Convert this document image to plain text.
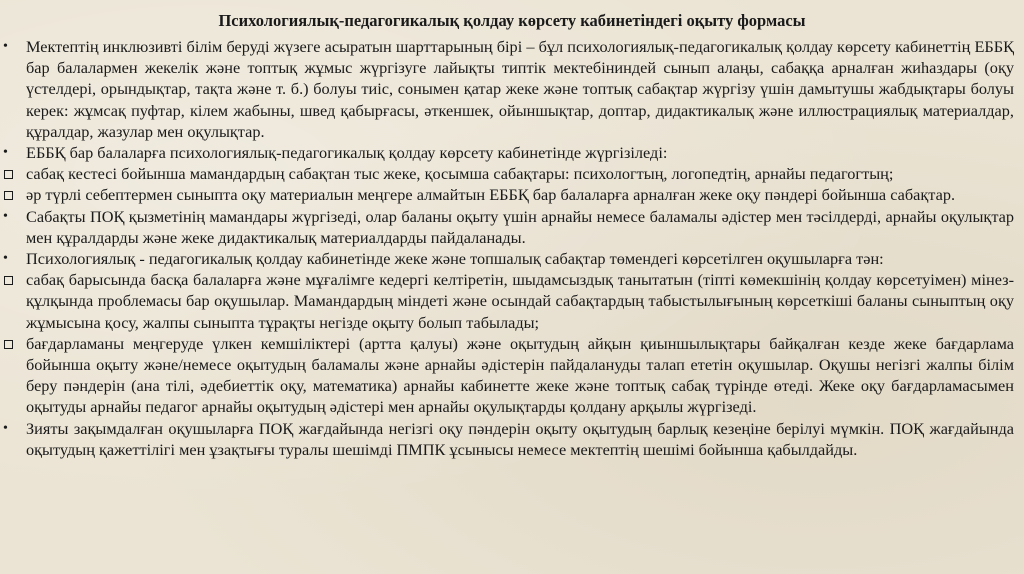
Психологиялық-педагогикалық қолдау көрсету кабинетіндегі оқыту формасы
•	Мектептің инклюзивті білім беруді жүзеге асыратын шарттарының бірі – бұл психологиялық-педагогикалық қолдау көрсету кабинеттің ЕББҚ бар балалармен жекелік және топтық жұмыс жүргізуге лайықты типтік мектебіниндей сынып алаңы, сабаққа арналған жиһаздары (оқу үстелдері, орындықтар, тақта және т. б.) болуы тиіс, сонымен қатар жеке және топтық сабақтар жүргізу үшін дамытушы жабдықтары болуы керек: жұмсақ пуфтар, кілем жабыны, швед қабырғасы, әткеншек, ойыншықтар, доптар, дидактикалық және иллюстрациялық материалдар, құралдар, жазулар мен оқулықтар.
•	ЕББҚ бар балаларға психологиялық-педагогикалық қолдау көрсету кабинетінде жүргізіледі:
сабақ кестесі бойынша мамандардың сабақтан тыс жеке, қосымша сабақтары: психологтың, логопедтің, арнайы педагогтың;
әр түрлі себептермен сыныпта оқу материалын меңгере алмайтын ЕББҚ бар балаларға арналған жеке оқу пәндері бойынша сабақтар.
•	Сабақты ПОҚ қызметінің мамандары жүргізеді, олар баланы оқыту үшін арнайы немесе баламалы әдістер мен тәсілдерді, арнайы оқулықтар мен құралдарды және жеке дидактикалық материалдарды пайдаланады.
•	Психологиялық - педагогикалық қолдау кабинетінде жеке және топшалық сабақтар төмендегі көрсетілген оқушыларға тән:
сабақ барысында басқа балаларға және мұғалімге кедергі келтіретін, шыдамсыздық танытатын (тіпті көмекшінің қолдау көрсетуімен) мінез-құлқында проблемасы бар оқушылар. Мамандардың міндеті және осындай сабақтардың табыстылығының көрсеткіші баланы сыныптың оқу жұмысына қосу, жалпы сыныпта тұрақты негізде оқыту болып табылады;
бағдарламаны меңгеруде үлкен кемшіліктері (артта қалуы) және оқытудың айқын қиыншылықтары байқалған кезде жеке бағдарлама бойынша оқыту және/немесе оқытудың баламалы және арнайы әдістерін пайдалануды талап ететін оқушылар. Оқушы негізгі жалпы білім беру пәндерін (ана тілі, әдебиеттік оқу, математика) арнайы кабинетте жеке және топтық сабақ түрінде өтеді. Жеке оқу бағдарламасымен оқытуды арнайы педагог арнайы оқытудың әдістері мен арнайы оқулықтарды қолдану арқылы жүргізеді.
•	Зияты зақымдалған оқушыларға ПОҚ жағдайында негізгі оқу пәндерін оқыту оқытудың барлық кезеңіне берілуі мүмкін. ПОҚ жағдайында оқытудың қажеттілігі мен ұзақтығы туралы шешімді ПМПК ұсынысы немесе мектептің шешімі бойынша қабылдайды.
